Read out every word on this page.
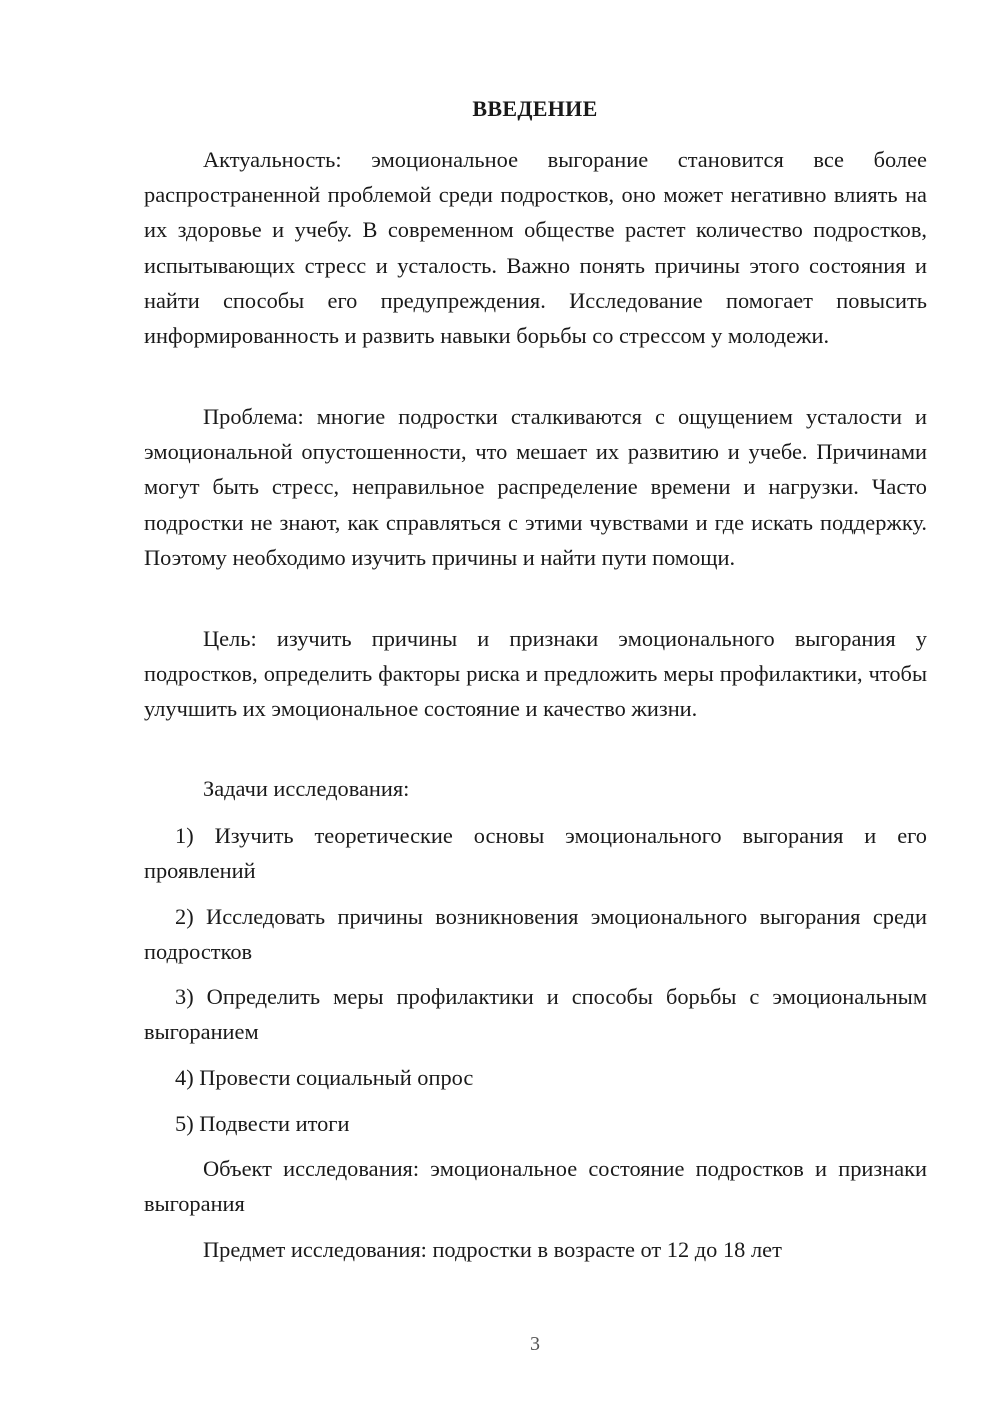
ВВЕДЕНИЕ
Актуальность: эмоциональное выгорание становится все более распространенной проблемой среди подростков, оно может негативно влиять на их здоровье и учебу. В современном обществе растет количество подростков, испытывающих стресс и усталость. Важно понять причины этого состояния и найти способы его предупреждения. Исследование помогает повысить информированность и развить навыки борьбы со стрессом у молодежи.
Проблема: многие подростки сталкиваются с ощущением усталости и эмоциональной опустошенности, что мешает их развитию и учебе. Причинами могут быть стресс, неправильное распределение времени и нагрузки. Часто подростки не знают, как справляться с этими чувствами и где искать поддержку. Поэтому необходимо изучить причины и найти пути помощи.
Цель: изучить причины и признаки эмоционального выгорания у подростков, определить факторы риска и предложить меры профилактики, чтобы улучшить их эмоциональное состояние и качество жизни.
Задачи исследования:
1) Изучить теоретические основы эмоционального выгорания и его проявлений
2) Исследовать причины возникновения эмоционального выгорания среди подростков
3) Определить меры профилактики и способы борьбы с эмоциональным выгоранием
4) Провести социальный опрос
5) Подвести итоги
Объект исследования: эмоциональное состояние подростков и признаки выгорания
Предмет исследования: подростки в возрасте от 12 до 18 лет
3
